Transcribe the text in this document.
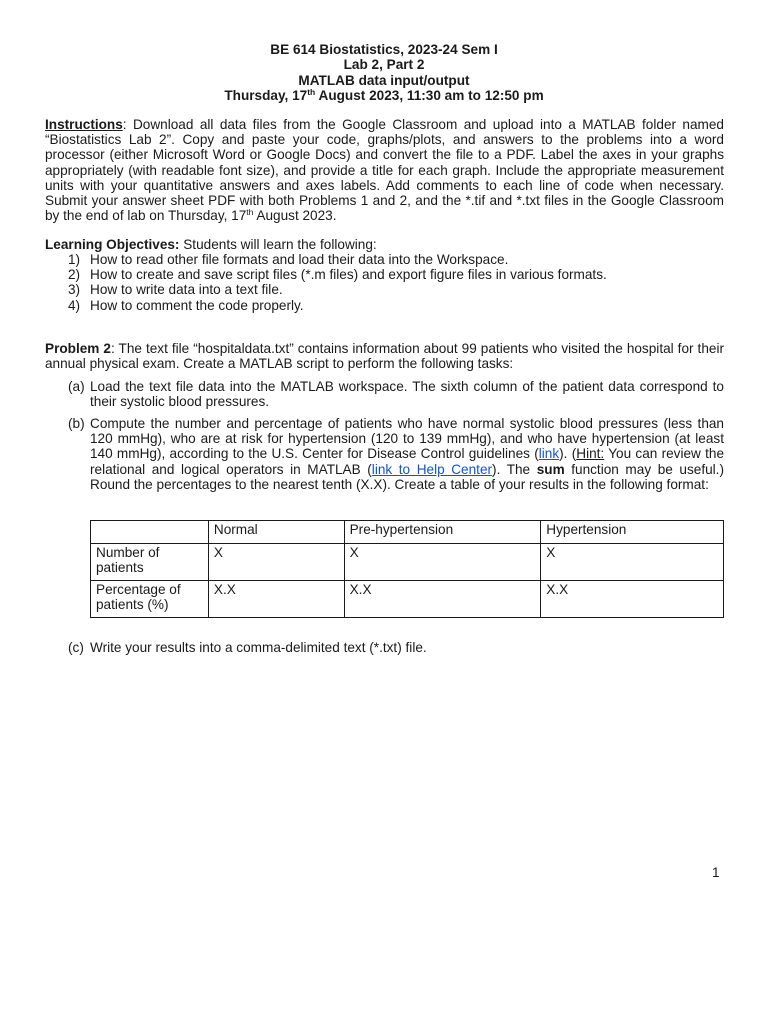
BE 614 Biostatistics, 2023-24 Sem I
Lab 2, Part 2
MATLAB data input/output
Thursday, 17th August 2023, 11:30 am to 12:50 pm
Instructions: Download all data files from the Google Classroom and upload into a MATLAB folder named “Biostatistics Lab 2”. Copy and paste your code, graphs/plots, and answers to the problems into a word processor (either Microsoft Word or Google Docs) and convert the file to a PDF. Label the axes in your graphs appropriately (with readable font size), and provide a title for each graph. Include the appropriate measurement units with your quantitative answers and axes labels. Add comments to each line of code when necessary. Submit your answer sheet PDF with both Problems 1 and 2, and the *.tif and *.txt files in the Google Classroom by the end of lab on Thursday, 17th August 2023.
Learning Objectives: Students will learn the following:
1) How to read other file formats and load their data into the Workspace.
2) How to create and save script files (*.m files) and export figure files in various formats.
3) How to write data into a text file.
4) How to comment the code properly.
Problem 2: The text file “hospitaldata.txt” contains information about 99 patients who visited the hospital for their annual physical exam. Create a MATLAB script to perform the following tasks:
(a) Load the text file data into the MATLAB workspace. The sixth column of the patient data correspond to their systolic blood pressures.
(b) Compute the number and percentage of patients who have normal systolic blood pressures (less than 120 mmHg), who are at risk for hypertension (120 to 139 mmHg), and who have hypertension (at least 140 mmHg), according to the U.S. Center for Disease Control guidelines (link). (Hint: You can review the relational and logical operators in MATLAB (link to Help Center). The sum function may be useful.) Round the percentages to the nearest tenth (X.X). Create a table of your results in the following format:
	Normal	Pre-hypertension	Hypertension
Number of patients	X	X	X
Percentage of patients (%)	X.X	X.X	X.X
(c) Write your results into a comma-delimited text (*.txt) file.
1
